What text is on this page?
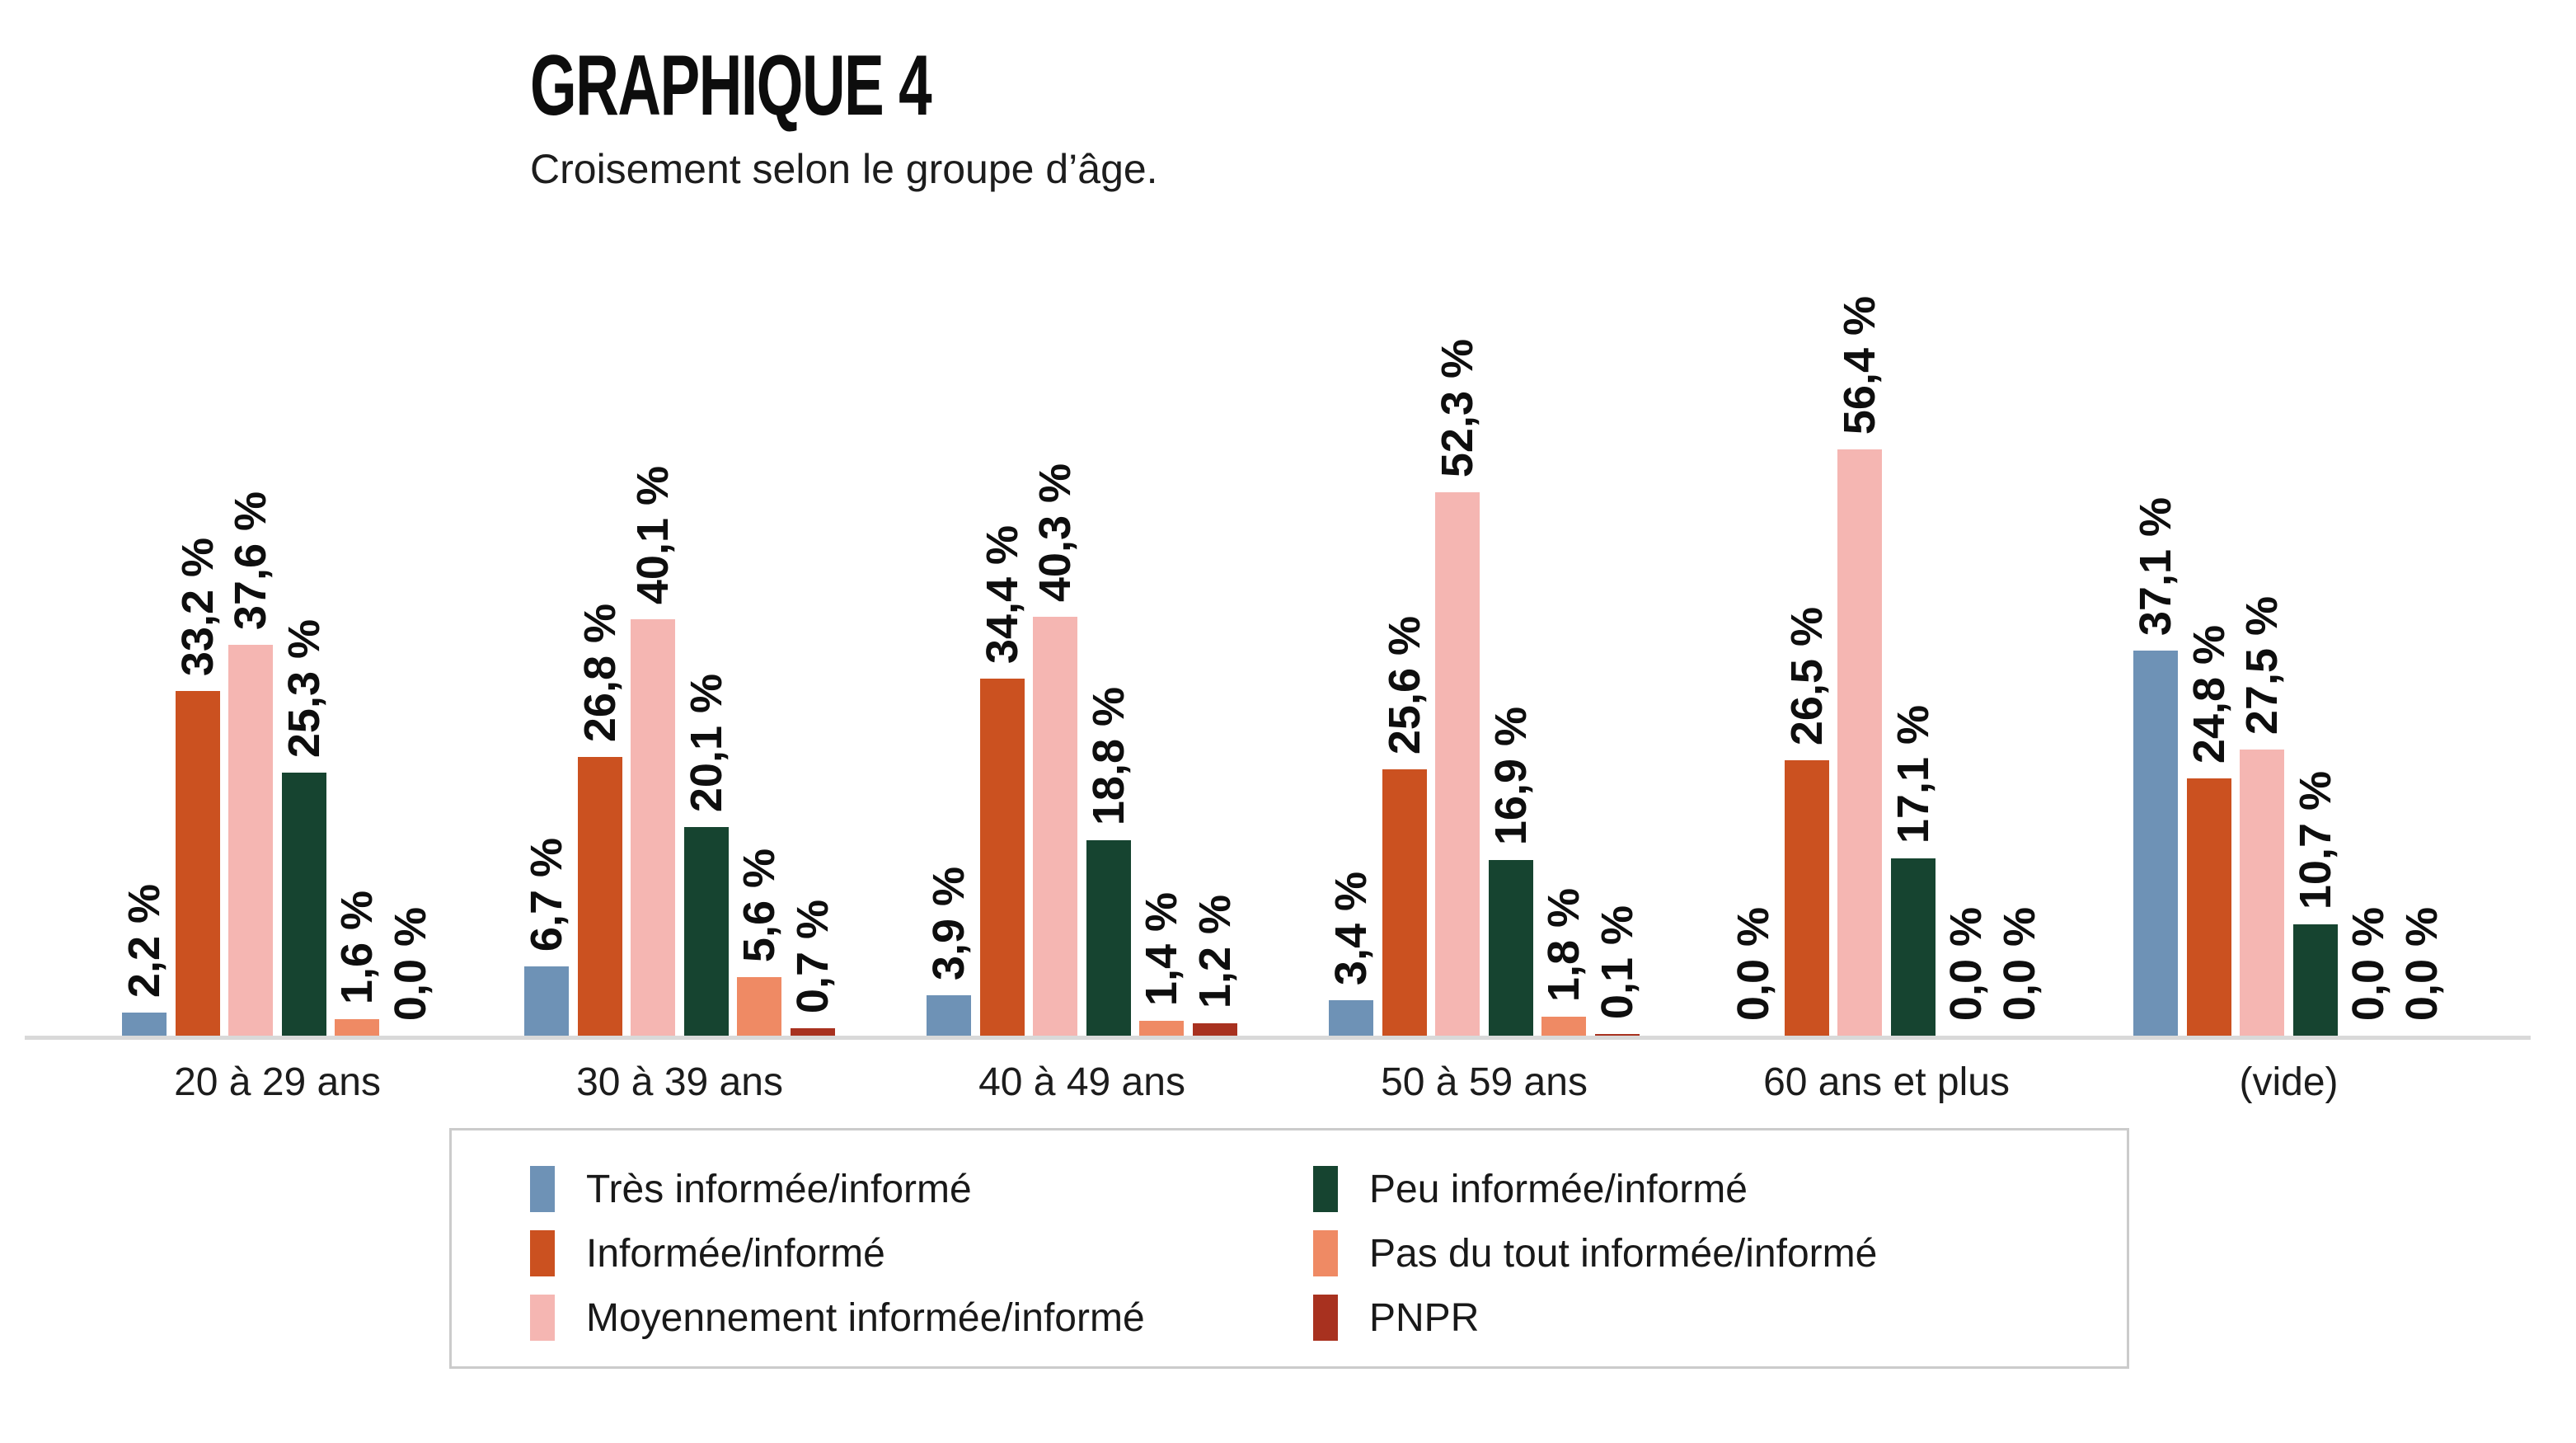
GRAPHIQUE 4
Croisement selon le groupe d’âge.
2,2 %
33,2 % 37,6 %
25,3 %
1,6 % 0,0 %
6,7 %
26,8 %
40,1 %
20,1 %
5,6 % 0,7 % 3,9 %
34,4 % 40,3 %
18,8 %
1,4 % 1,2 % 3,4 %
25,6 %
52,3 %
16,9 %
1,8 % 0,1 % 0,0 %
26,5 %
56,4 %
17,1 %
0,0 % 0,0 %
37,1 %
24,8 % 27,5 %
10,7 %
0,0 % 0,0 %
20 à 29 ans	30 à 39 ans	40 à 49 ans	50 à 59 ans	60 ans et plus	(vide)
Très informée/informé
Informée/informé
Moyennement informée/informé
Peu informée/informé
Pas du tout informée/informé
PNPR
